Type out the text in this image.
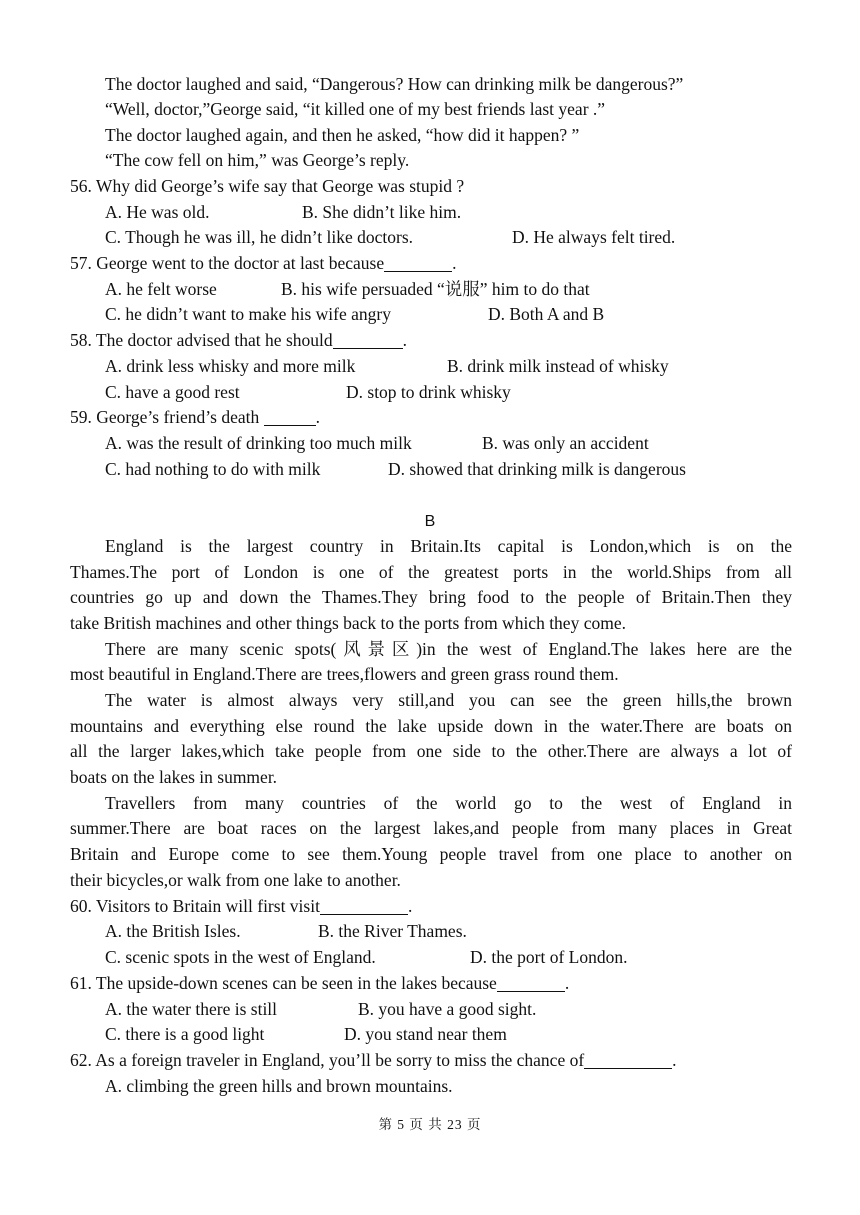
The doctor laughed and said, “Dangerous? How can drinking milk be dangerous?”
“Well, doctor,”George said, “it killed one of my best friends last year .”
The doctor laughed again, and then he asked, “how did it happen? ”
“The cow fell on him,” was George’s reply.
56. Why did George’s wife say that George was stupid ?
A. He was old.	B. She didn’t like him.
C. Though he was ill, he didn’t like doctors.	D. He always felt tired.
57. George went to the doctor at last because	.
A. he felt worse	B. his wife persuaded “说服” him to do that
C. he didn’t want to make his wife angry	D. Both A and B
58. The doctor advised that he should	.
A. drink less whisky and more milk	B. drink milk instead of whisky
C. have a good rest	D. stop to drink whisky
59. George’s friend’s death	.
A. was the result of drinking too much milk	B. was only an accident
C. had nothing to do with milk	D. showed that drinking milk is dangerous
B
England is the largest country in Britain.Its capital is London,which is on the
Thames.The port of London is one of the greatest ports in the world.Ships from all
countries go up and down the Thames.They bring food to the people of Britain.Then they
take British machines and other things back to the ports from which they come.
There are many scenic spots(风景区)in the west of England.The lakes here are the
most beautiful in England.There are trees,flowers and green grass round them.
The water is almost always very still,and you can see the green hills,the brown
mountains and everything else round the lake upside down in the water.There are boats on
all the larger lakes,which take people from one side to the other.There are always a lot of
boats on the lakes in summer.
Travellers from many countries of the world go to the west of England in
summer.There are boat races on the largest lakes,and people from many places in Great
Britain and Europe come to see them.Young people travel from one place to another on
their bicycles,or walk from one lake to another.
60. Visitors to Britain will first visit	.
A. the British Isles.	B. the River Thames.
C. scenic spots in the west of England.	D. the port of London.
61. The upside-down scenes can be seen in the lakes because	.
A. the water there is still	B. you have a good sight.
C. there is a good light	D. you stand near them
62. As a foreign traveler in England, you’ll be sorry to miss the chance of	.
A. climbing the green hills and brown mountains.
第 5 页 共 23 页
